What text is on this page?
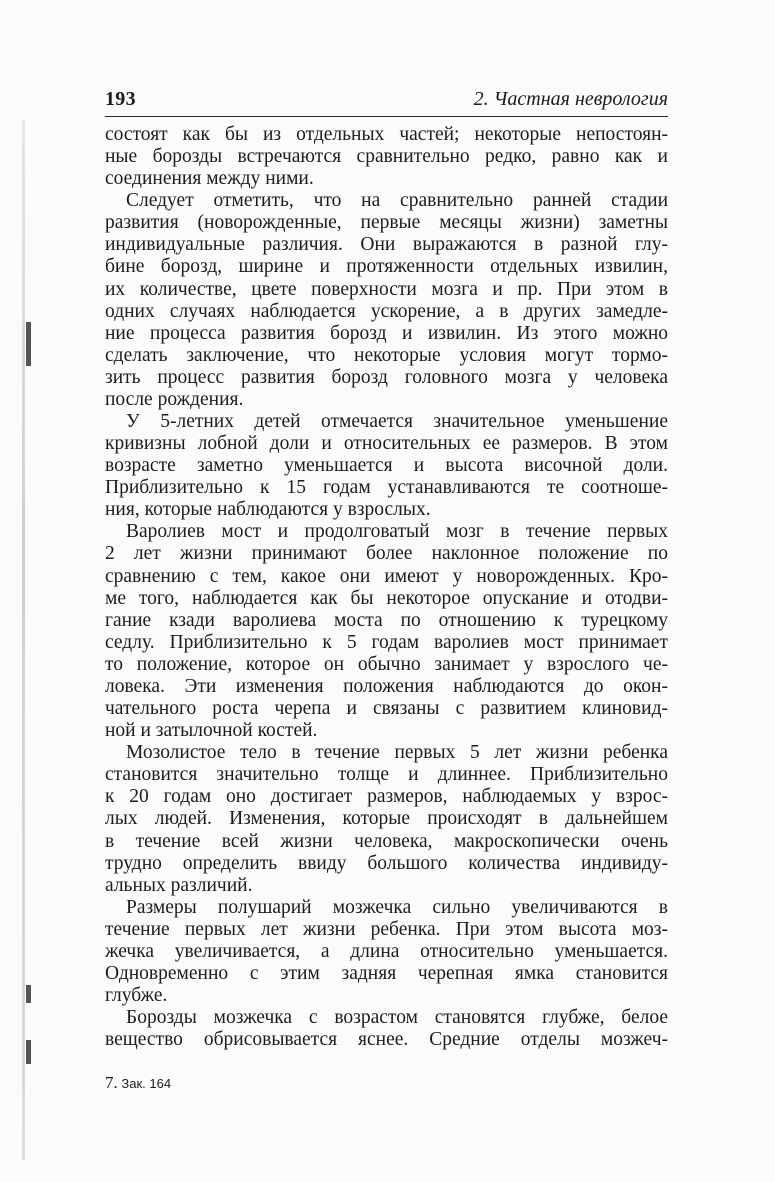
193	2. Частная неврология
состоят как бы из отдельных частей; некоторые непостоян-
ные борозды встречаются сравнительно редко, равно как и
соединения между ними.
Следует отметить, что на сравнительно ранней стадии
развития (новорожденные, первые месяцы жизни) заметны
индивидуальные различия. Они выражаются в разной глу-
бине борозд, ширине и протяженности отдельных извилин,
их количестве, цвете поверхности мозга и пр. При этом в
одних случаях наблюдается ускорение, а в других замедле-
ние процесса развития борозд и извилин. Из этого можно
сделать заключение, что некоторые условия могут тормо-
зить процесс развития борозд головного мозга у человека
после рождения.
У 5-летних детей отмечается значительное уменьшение
кривизны лобной доли и относительных ее размеров. В этом
возрасте заметно уменьшается и высота височной доли.
Приблизительно к 15 годам устанавливаются те соотноше-
ния, которые наблюдаются у взрослых.
Варолиев мост и продолговатый мозг в течение первых
2 лет жизни принимают более наклонное положение по
сравнению с тем, какое они имеют у новорожденных. Кро-
ме того, наблюдается как бы некоторое опускание и отодви-
гание кзади варолиева моста по отношению к турецкому
седлу. Приблизительно к 5 годам варолиев мост принимает
то положение, которое он обычно занимает у взрослого че-
ловека. Эти изменения положения наблюдаются до окон-
чательного роста черепа и связаны с развитием клиновид-
ной и затылочной костей.
Мозолистое тело в течение первых 5 лет жизни ребенка
становится значительно толще и длиннее. Приблизительно
к 20 годам оно достигает размеров, наблюдаемых у взрос-
лых людей. Изменения, которые происходят в дальнейшем
в течение всей жизни человека, макроскопически очень
трудно определить ввиду большого количества индивиду-
альных различий.
Размеры полушарий мозжечка сильно увеличиваются в
течение первых лет жизни ребенка. При этом высота моз-
жечка увеличивается, а длина относительно уменьшается.
Одновременно с этим задняя черепная ямка становится
глубже.
Борозды мозжечка с возрастом становятся глубже, белое
вещество обрисовывается яснее. Средние отделы мозжеч-
7. Зак. 164
